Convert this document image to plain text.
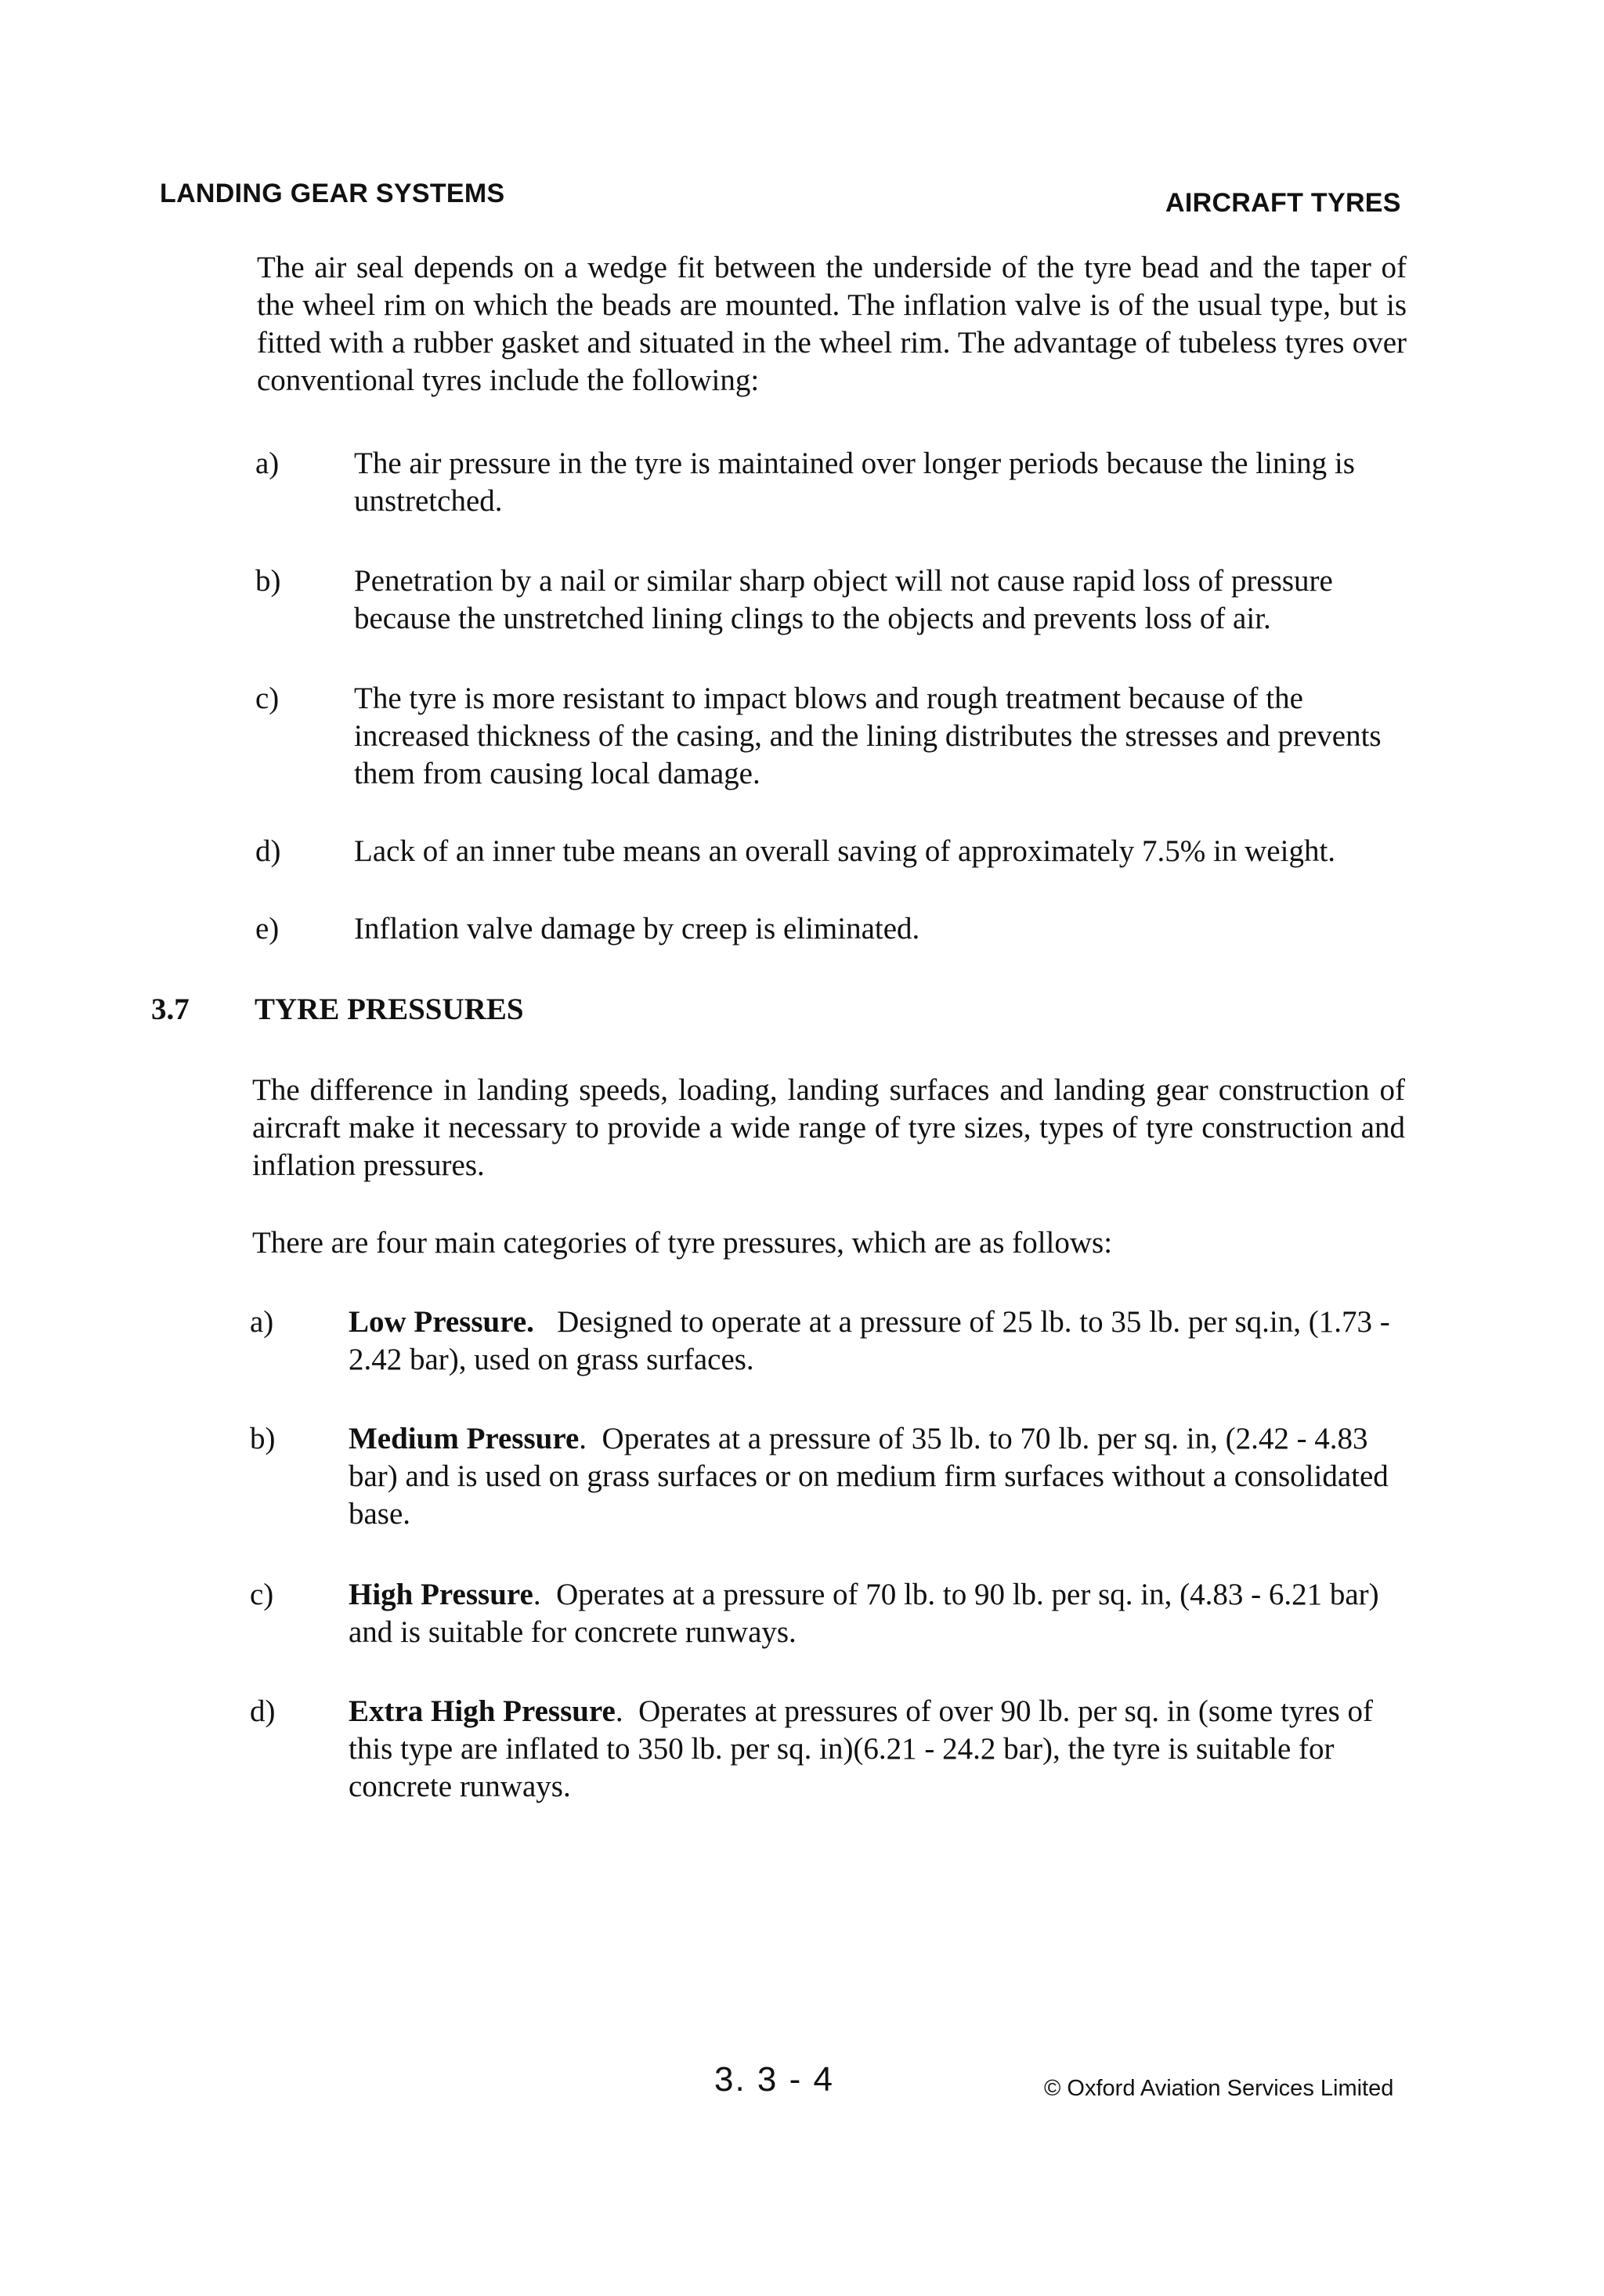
LANDING GEAR SYSTEMS	AIRCRAFT TYRES

The air seal depends on a wedge fit between the underside of the tyre bead and the taper of the wheel rim on which the beads are mounted. The inflation valve is of the usual type, but is fitted with a rubber gasket and situated in the wheel rim. The advantage of tubeless tyres over conventional tyres include the following:

a) The air pressure in the tyre is maintained over longer periods because the lining is unstretched.

b) Penetration by a nail or similar sharp object will not cause rapid loss of pressure because the unstretched lining clings to the objects and prevents loss of air.

c) The tyre is more resistant to impact blows and rough treatment because of the increased thickness of the casing, and the lining distributes the stresses and prevents them from causing local damage.

d) Lack of an inner tube means an overall saving of approximately 7.5% in weight.

e) Inflation valve damage by creep is eliminated.

3.7 TYRE PRESSURES

The difference in landing speeds, loading, landing surfaces and landing gear construction of aircraft make it necessary to provide a wide range of tyre sizes, types of tyre construction and inflation pressures.

There are four main categories of tyre pressures, which are as follows:

a) Low Pressure. Designed to operate at a pressure of 25 lb. to 35 lb. per sq.in, (1.73 - 2.42 bar), used on grass surfaces.

b) Medium Pressure.  Operates at a pressure of 35 lb. to 70 lb. per sq. in, (2.42 - 4.83 bar) and is used on grass surfaces or on medium firm surfaces without a consolidated base.

c) High Pressure.  Operates at a pressure of 70 lb. to 90 lb. per sq. in, (4.83 - 6.21 bar) and is suitable for concrete runways.

d) Extra High Pressure.  Operates at pressures of over 90 lb. per sq. in (some tyres of this type are inflated to 350 lb. per sq. in)(6.21 - 24.2 bar), the tyre is suitable for concrete runways.

3. 3 - 4	© Oxford Aviation Services Limited
